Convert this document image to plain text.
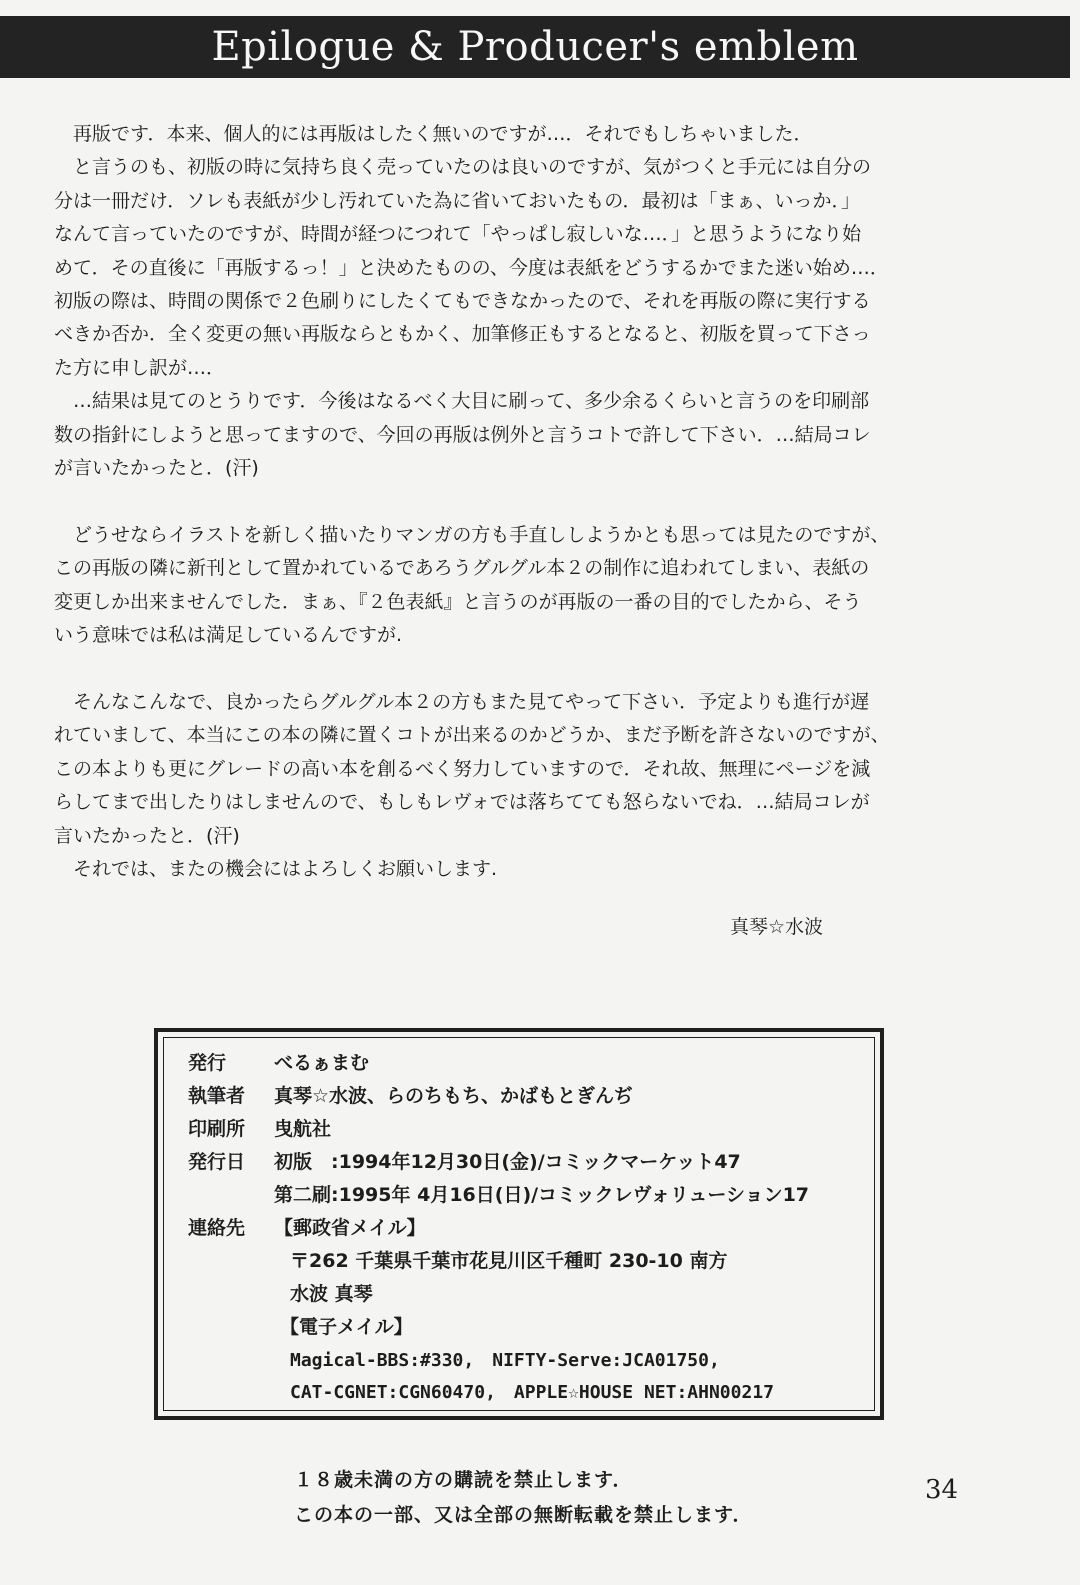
Epilogue & Producer's emblem

　再版です．本来、個人的には再版はしたく無いのですが…．それでもしちゃいました．

　と言うのも、初版の時に気持ち良く売っていたのは良いのですが、気がつくと手元には自分の

分は一冊だけ．ソレも表紙が少し汚れていた為に省いておいたもの．最初は「まぁ、いっか．」

なんて言っていたのですが、時間が経つにつれて「やっぱし寂しいな…．」と思うようになり始

めて．その直後に「再版するっ！」と決めたものの、今度は表紙をどうするかでまた迷い始め…．

初版の際は、時間の関係で２色刷りにしたくてもできなかったので、それを再版の際に実行する

べきか否か．全く変更の無い再版ならともかく、加筆修正もするとなると、初版を買って下さっ

た方に申し訳が…．

　…結果は見てのとうりです．今後はなるべく大目に刷って、多少余るくらいと言うのを印刷部

数の指針にしようと思ってますので、今回の再版は例外と言うコトで許して下さい．…結局コレ

が言いたかったと．(汗)

　どうせならイラストを新しく描いたりマンガの方も手直ししようかとも思っては見たのですが、

この再版の隣に新刊として置かれているであろうグルグル本２の制作に追われてしまい、表紙の

変更しか出来ませんでした．まぁ、『２色表紙』と言うのが再版の一番の目的でしたから、そう

いう意味では私は満足しているんですが.

　そんなこんなで、良かったらグルグル本２の方もまた見てやって下さい．予定よりも進行が遅

れていまして、本当にこの本の隣に置くコトが出来るのかどうか、まだ予断を許さないのですが、

この本よりも更にグレードの高い本を創るべく努力していますので．それ故、無理にページを減

らしてまで出したりはしませんので、もしもレヴォでは落ちてても怒らないでね．…結局コレが

言いたかったと．(汗)

　それでは、またの機会にはよろしくお願いします.

真琴☆水波
発行	べるぁまむ
執筆者 真琴☆水波、らのちもち、かばもとぎんぢ
印刷所 曳航社
発行日 初版　:1994年12月30日(金)/コミックマーケット47
第二刷:1995年 4月16日(日)/コミックレヴォリューション17
連絡先 【郵政省メイル】
〒262 千葉県千葉市花見川区千種町 230-10 南方
水波 真琴
【電子メイル】
Magical-BBS:#330,　NIFTY-Serve:JCA01750,
CAT-CGNET:CGN60470,　APPLE☆HOUSE NET:AHN00217
１８歳未満の方の購読を禁止します．
この本の一部、又は全部の無断転載を禁止します．
34
